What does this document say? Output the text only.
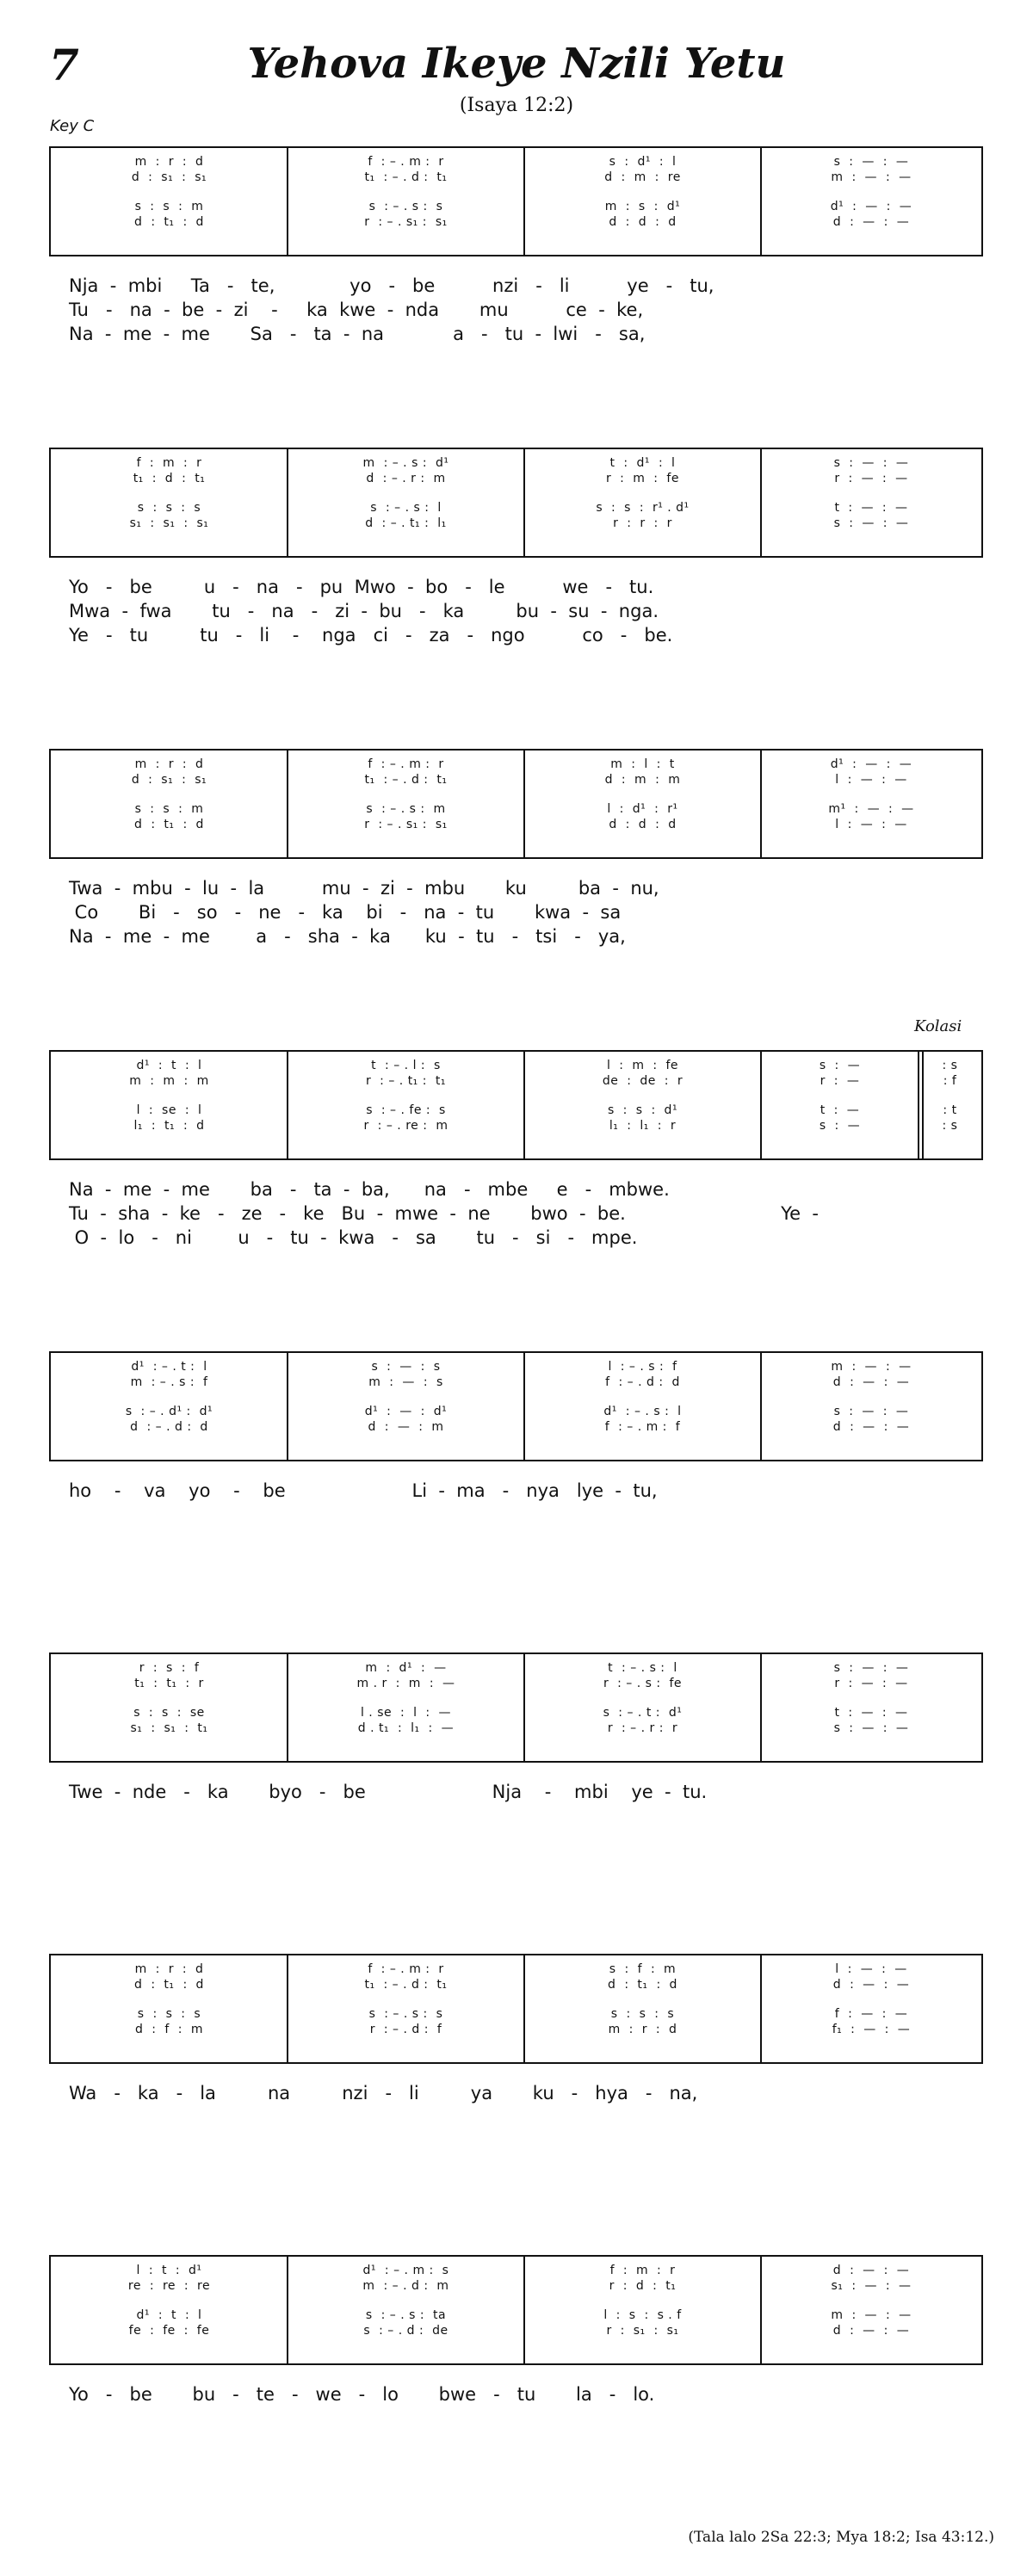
7	Yehova Ikeye Nzili Yetu
(Isaya 12:2)
Key C
Kolasi
(Tala lalo 2Sa 22:3; Mya 18:2; Isa 43:12.)
m  :  r  :  d
d  :  s₁  :  s₁
s  :  s  :  m
d  :  t₁  :  d
f  : – . m :  r
t₁  : – . d :  t₁
s  : – . s :  s
r  : – . s₁ :  s₁
s  :  d¹  :  l
d  :  m  :  re
m  :  s  :  d¹
d  :  d  :  d
s  :  —  :  —
m  :  —  :  —
d¹  :  —  :  —
d  :  —  :  —
Nja  -  mbi     Ta   -   te,             yo   -   be          nzi   -   li          ye   -   tu,
Tu   -   na  -  be  -  zi    -     ka  kwe  -  nda       mu          ce  -  ke,
Na  -  me  -  me       Sa   -   ta  -  na            a   -   tu  -  lwi   -   sa,
f  :  m  :  r
t₁  :  d  :  t₁
s  :  s  :  s
s₁  :  s₁  :  s₁
m  : – . s :  d¹
d  : – . r :  m
s  : – . s :  l
d  : – . t₁ :  l₁
t  :  d¹  :  l
r  :  m  :  fe
s  :  s  :  r¹ . d¹
r  :  r  :  r
s  :  —  :  —
r  :  —  :  —
t  :  —  :  —
s  :  —  :  —
Yo   -   be         u   -   na   -   pu  Mwo  -  bo   -   le          we   -   tu.
Mwa  -  fwa       tu   -   na   -   zi  -  bu   -   ka         bu  -  su  -  nga.
Ye   -   tu         tu   -   li    -    nga   ci   -   za   -   ngo          co   -   be.
m  :  r  :  d
d  :  s₁  :  s₁
s  :  s  :  m
d  :  t₁  :  d
f  : – . m :  r
t₁  : – . d :  t₁
s  : – . s :  m
r  : – . s₁ :  s₁
m  :  l  :  t
d  :  m  :  m
l  :  d¹  :  r¹
d  :  d  :  d
d¹  :  —  :  —
l  :  —  :  —
m¹  :  —  :  —
l  :  —  :  —
Twa  -  mbu  -  lu  -  la          mu  -  zi  -  mbu       ku         ba  -  nu,
Co       Bi   -   so   -   ne   -   ka    bi   -   na  -  tu       kwa  -  sa
Na  -  me  -  me        a   -   sha  -  ka      ku  -  tu   -   tsi   -   ya,
d¹  :  t  :  l
m  :  m  :  m
l  :  se  :  l
l₁  :  t₁  :  d
t  : – . l :  s
r  : – . t₁ :  t₁
s  : – . fe :  s
r  : – . re :  m
l  :  m  :  fe
de  :  de  :  r
s  :  s  :  d¹
l₁  :  l₁  :  r
s  :  —
r  :  —
t  :  —
s  :  —
: s
: f
: t
: s
Na  -  me  -  me       ba   -   ta  -  ba,      na   -   mbe     e   -   mbwe.
Tu  -  sha  -  ke   -   ze   -   ke   Bu  -  mwe  -  ne       bwo  -  be.                           Ye  -
O  -  lo   -   ni        u   -   tu  -  kwa   -   sa       tu   -   si   -   mpe.
d¹  : – . t :  l
m  : – . s :  f
s  : – . d¹ :  d¹
d  : – . d :  d
s  :  —  :  s
m  :  —  :  s
d¹  :  —  :  d¹
d  :  —  :  m
l  : – . s :  f
f  : – . d :  d
d¹  : – . s :  l
f  : – . m :  f
m  :  —  :  —
d  :  —  :  —
s  :  —  :  —
d  :  —  :  —
ho    -    va    yo    -    be                      Li  -  ma   -   nya   lye  -  tu,
r  :  s  :  f
t₁  :  t₁  :  r
s  :  s  :  se
s₁  :  s₁  :  t₁
m  :  d¹  :  —
m . r  :  m  :  —
l . se  :  l  :  —
d . t₁  :  l₁  :  —
t  : – . s :  l
r  : – . s :  fe
s  : – . t :  d¹
r  : – . r :  r
s  :  —  :  —
r  :  —  :  —
t  :  —  :  —
s  :  —  :  —
Twe  -  nde   -   ka       byo   -   be                      Nja    -    mbi    ye  -  tu.
m  :  r  :  d
d  :  t₁  :  d
s  :  s  :  s
d  :  f  :  m
f  : – . m :  r
t₁  : – . d :  t₁
s  : – . s :  s
r  : – . d :  f
s  :  f  :  m
d  :  t₁  :  d
s  :  s  :  s
m  :  r  :  d
l  :  —  :  —
d  :  —  :  —
f  :  —  :  —
f₁  :  —  :  —
Wa   -   ka   -   la         na         nzi   -   li         ya       ku   -   hya   -   na,
l  :  t  :  d¹
re  :  re  :  re
d¹  :  t  :  l
fe  :  fe  :  fe
d¹  : – . m :  s
m  : – . d :  m
s  : – . s :  ta
s  : – . d :  de
f  :  m  :  r
r  :  d  :  t₁
l  :  s  :  s . f
r  :  s₁  :  s₁
d  :  —  :  —
s₁  :  —  :  —
m  :  —  :  —
d  :  —  :  —
Yo   -   be       bu   -   te   -   we   -   lo       bwe   -   tu       la   -   lo.
